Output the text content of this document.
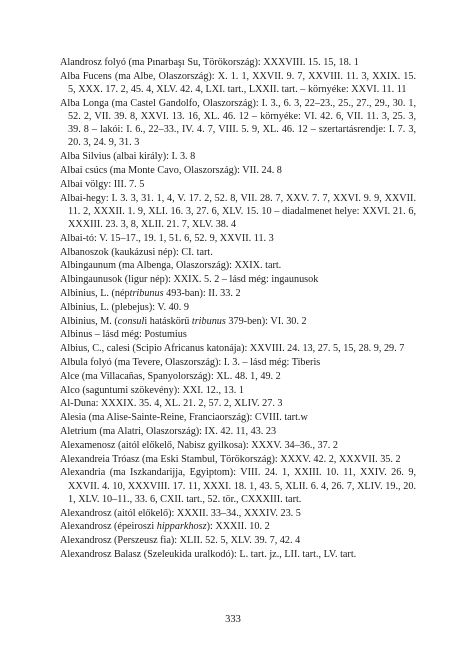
Alandrosz folyó (ma Pınarbaşı Su, Törökország): XXXVIII. 15. 15, 18. 1

Alba Fucens (ma Albe, Olaszország): X. 1. 1, XXVII. 9. 7, XXVIII. 11. 3, XXIX. 15. 5, XXX. 17. 2, 45. 4, XLV. 42. 4, LXI. tart., LXXII. tart. – környéke: XXVI. 11. 11

Alba Longa (ma Castel Gandolfo, Olaszország): I. 3., 6. 3, 22–23., 25., 27., 29., 30. 1, 52. 2, VII. 39. 8, XXVI. 13. 16, XL. 46. 12 – környéke: VI. 42. 6, VII. 11. 3, 25. 3, 39. 8 – lakói: I. 6., 22–33., IV. 4. 7, VIII. 5. 9, XL. 46. 12 – szertartásrendje: I. 7. 3, 20. 3, 24. 9, 31. 3

Alba Silvius (albai király): I. 3. 8

Albai csúcs (ma Monte Cavo, Olaszország): VII. 24. 8

Albai völgy: III. 7. 5

Albai-hegy: I. 3. 3, 31. 1, 4, V. 17. 2, 52. 8, VII. 28. 7, XXV. 7. 7, XXVI. 9. 9, XXVII. 11. 2, XXXII. 1. 9, XLI. 16. 3, 27. 6, XLV. 15. 10 – diadalmenet helye: XXVI. 21. 6, XXXIII. 23. 3, 8, XLII. 21. 7, XLV. 38. 4

Albai-tó: V. 15–17., 19. 1, 51. 6, 52. 9, XXVII. 11. 3

Albanoszok (kaukázusi nép): CI. tart.

Albingaunum (ma Albenga, Olaszország): XXIX. tart.

Albingaunusok (ligur nép): XXIX. 5. 2 – lásd még: ingaunusok

Albinius, L. (néptribunus 493-ban): II. 33. 2

Albinius, L. (plebejus): V. 40. 9

Albinius, M. (consuli hatáskörű tribunus 379-ben): VI. 30. 2

Albinus – lásd még: Postumius

Albius, C., calesi (Scipio Africanus katonája): XXVIII. 24. 13, 27. 5, 15, 28. 9, 29. 7

Albula folyó (ma Tevere, Olaszország): I. 3. – lásd még: Tiberis

Alce (ma Villacañas, Spanyolország): XL. 48. 1, 49. 2

Alco (saguntumi szökevény): XXI. 12., 13. 1

Al-Duna: XXXIX. 35. 4, XL. 21. 2, 57. 2, XLIV. 27. 3

Alesia (ma Alise-Sainte-Reine, Franciaország): CVIII. tart.w

Aletrium (ma Alatri, Olaszország): IX. 42. 11, 43. 23

Alexamenosz (aitól előkelő, Nabisz gyilkosa): XXXV. 34–36., 37. 2

Alexandreia Tróasz (ma Eski Stambul, Törökország): XXXV. 42. 2, XXXVII. 35. 2

Alexandria (ma Iszkandarijja, Egyiptom): VIII. 24. 1, XXIII. 10. 11, XXIV. 26. 9, XXVII. 4. 10, XXXVIII. 17. 11, XXXI. 18. 1, 43. 5, XLII. 6. 4, 26. 7, XLIV. 19., 20. 1, XLV. 10–11., 33. 6, CXII. tart., 52. tör., CXXXIII. tart.

Alexandrosz (aitól előkelő): XXXII. 33–34., XXXIV. 23. 5

Alexandrosz (épeiroszi hipparkhosz): XXXII. 10. 2

Alexandrosz (Perszeusz fia): XLII. 52. 5, XLV. 39. 7, 42. 4

Alexandrosz Balasz (Szeleukida uralkodó): L. tart. jz., LII. tart., LV. tart.

333
